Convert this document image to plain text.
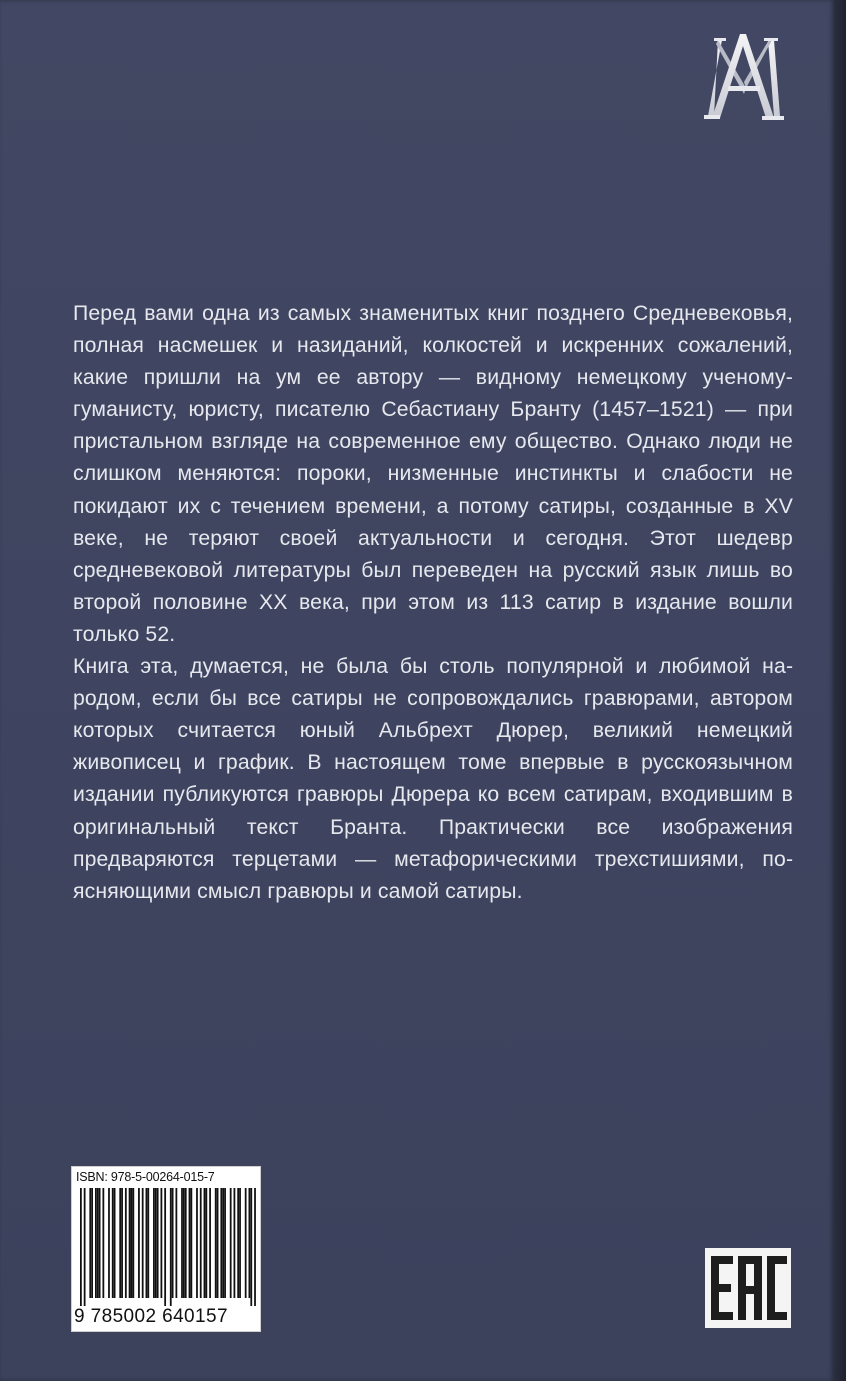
Перед вами одна из самых знаменитых книг позднего Средневековья, полная насмешек и назиданий, колкостей и искренних сожалений, какие пришли на ум ее автору — видному немецкому ученому-гуманисту, юристу, писателю Себастиану Бранту (1457–1521) — при пристальном взгляде на современное ему общество. Однако люди не слишком меняются: пороки, низменные инстинкты и слабости не покидают их с течением времени, а потому сатиры, созданные в XV веке, не теряют своей актуальности и сегодня. Этот шедевр средневековой литературы был переведен на русский язык лишь во второй половине XX века, при этом из 113 сатир в издание вошли только 52.

Книга эта, думается, не была бы столь популярной и любимой народом, если бы все сатиры не сопровождались гравюрами, автором которых считается юный Альбрехт Дюрер, великий немецкий живописец и график. В настоящем томе впервые в русскоязычном издании публикуются гравюры Дюрера ко всем сатирам, входившим в оригинальный текст Бранта. Практически все изображения предваряются терцетами — метафорическими трехстишиями, поясняющими смысл гравюры и самой сатиры.

ISBN: 978-5-00264-015-7
9 785002 640157
